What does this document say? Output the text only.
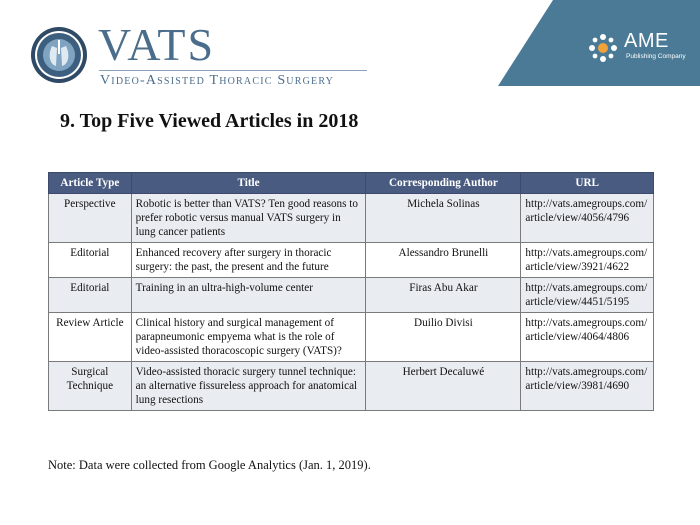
VATS
Video-Assisted Thoracic Surgery
AME
Publishing Company
9. Top Five Viewed Articles in 2018
Article Type	Title	Corresponding Author	URL
Perspective	Robotic is better than VATS? Ten good reasons to prefer robotic versus manual VATS surgery in lung cancer patients	Michela Solinas	http://vats.amegroups.com/article/view/4056/4796
Editorial	Enhanced recovery after surgery in thoracic surgery: the past, the present and the future	Alessandro Brunelli	http://vats.amegroups.com/article/view/3921/4622
Editorial	Training in an ultra-high-volume center	Firas Abu Akar	http://vats.amegroups.com/article/view/4451/5195
Review Article	Clinical history and surgical management of parapneumonic empyema what is the role of video-assisted thoracoscopic surgery (VATS)?	Duilio Divisi	http://vats.amegroups.com/article/view/4064/4806
Surgical Technique	Video-assisted thoracic surgery tunnel technique: an alternative fissureless approach for anatomical lung resections	Herbert Decaluwé	http://vats.amegroups.com/article/view/3981/4690
Note: Data were collected from Google Analytics (Jan. 1, 2019).
